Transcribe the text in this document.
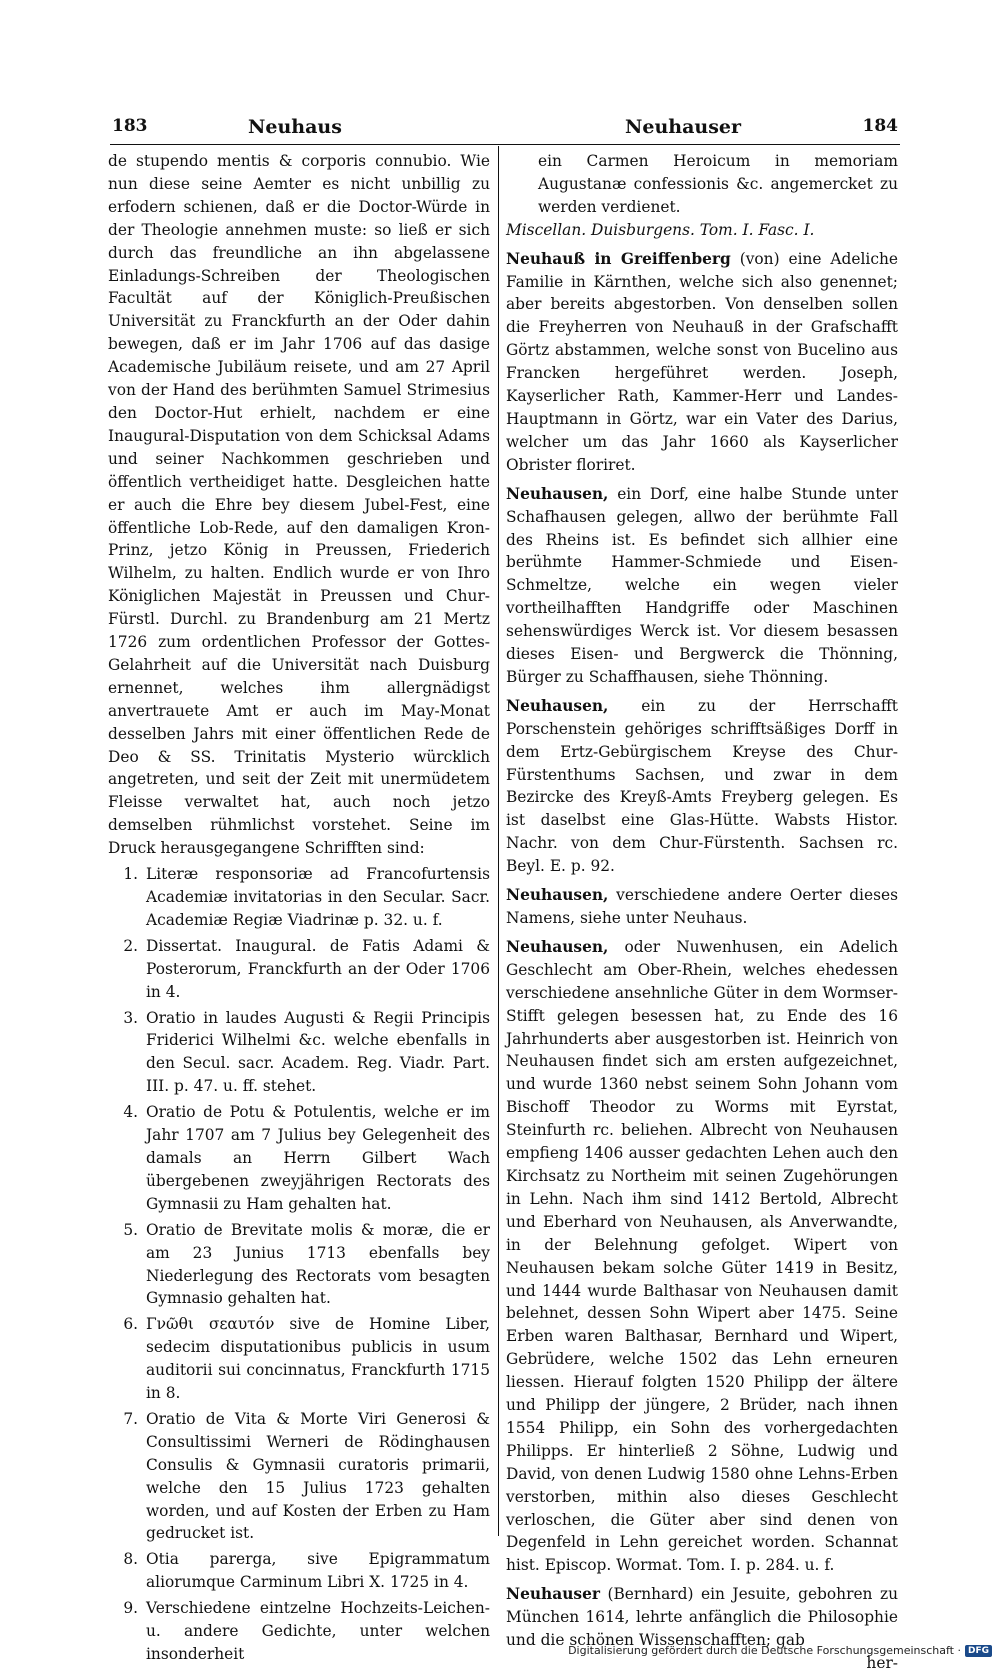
183	Neuhaus	Neuhauser	184

de stupendo mentis & corporis connubio. Wie nun diese seine Aemter es nicht unbillig zu erfodern schienen, daß er die Doctor-Würde in der Theologie annehmen muste: so ließ er sich durch das freundliche an ihn abgelassene Einladungs-Schreiben der Theologischen Facultät auf der Königlich-Preußischen Universität zu Franckfurth an der Oder dahin bewegen, daß er im Jahr 1706 auf das dasige Academische Jubiläum reisete, und am 27 April von der Hand des berühmten Samuel Strimesius den Doctor-Hut erhielt, nachdem er eine Inaugural-Disputation von dem Schicksal Adams und seiner Nachkommen geschrieben und öffentlich vertheidiget hatte. Desgleichen hatte er auch die Ehre bey diesem Jubel-Fest, eine öffentliche Lob-Rede, auf den damaligen Kron-Prinz, jetzo König in Preussen, Friederich Wilhelm, zu halten. Endlich wurde er von Ihro Königlichen Majestät in Preussen und Chur-Fürstl. Durchl. zu Brandenburg am 21 Mertz 1726 zum ordentlichen Professor der Gottes-Gelahrheit auf die Universität nach Duisburg ernennet, welches ihm allergnädigst anvertrauete Amt er auch im May-Monat desselben Jahrs mit einer öffentlichen Rede de Deo & SS. Trinitatis Mysterio würcklich angetreten, und seit der Zeit mit unermüdetem Fleisse verwaltet hat, auch noch jetzo demselben rühmlichst vorstehet. Seine im Druck herausgegangene Schrifften sind:

1. Literæ responsoriæ ad Francofurtensis Academiæ invitatorias in den Secular. Sacr. Academiæ Regiæ Viadrinæ p. 32. u. f.
2. Dissertat. Inaugural. de Fatis Adami & Posterorum, Franckfurth an der Oder 1706 in 4.
3. Oratio in laudes Augusti & Regii Principis Friderici Wilhelmi &c. welche ebenfalls in den Secul. sacr. Academ. Reg. Viadr. Part. III. p. 47. u. ff. stehet.
4. Oratio de Potu & Potulentis, welche er im Jahr 1707 am 7 Julius bey Gelegenheit des damals an Herrn Gilbert Wach übergebenen zweyjährigen Rectorats des Gymnasii zu Ham gehalten hat.
5. Oratio de Brevitate molis & moræ, die er am 23 Junius 1713 ebenfalls bey Niederlegung des Rectorats vom besagten Gymnasio gehalten hat.
6. Γνῶθι σεαυτόν sive de Homine Liber, sedecim disputationibus publicis in usum auditorii sui concinnatus, Franckfurth 1715 in 8.
7. Oratio de Vita & Morte Viri Generosi & Consultissimi Werneri de Rödinghausen Consulis & Gymnasii curatoris primarii, welche den 15 Julius 1723 gehalten worden, und auf Kosten der Erben zu Ham gedrucket ist.
8. Otia parerga, sive Epigrammatum aliorumque Carminum Libri X. 1725 in 4.
9. Verschiedene eintzelne Hochzeits-Leichen- u. andere Gedichte, unter welchen insonderheit

ein Carmen Heroicum in memoriam Augustanæ confessionis &c. angemercket zu werden verdienet.

Miscellan. Duisburgens. Tom. I. Fasc. I.

Neuhauß in Greiffenberg (von) eine Adeliche Familie in Kärnthen, welche sich also genennet; aber bereits abgestorben. Von denselben sollen die Freyherren von Neuhauß in der Grafschafft Görtz abstammen, welche sonst von Bucelino aus Francken hergeführet werden. Joseph, Kayserlicher Rath, Kammer-Herr und Landes-Hauptmann in Görtz, war ein Vater des Darius, welcher um das Jahr 1660 als Kayserlicher Obrister floriret.

Neuhausen, ein Dorf, eine halbe Stunde unter Schafhausen gelegen, allwo der berühmte Fall des Rheins ist. Es befindet sich allhier eine berühmte Hammer-Schmiede und Eisen-Schmeltze, welche ein wegen vieler vortheilhafften Handgriffe oder Maschinen sehenswürdiges Werck ist. Vor diesem besassen dieses Eisen- und Bergwerck die Thönning, Bürger zu Schaffhausen, siehe Thönning.

Neuhausen, ein zu der Herrschafft Porschenstein gehöriges schrifftsäßiges Dorff in dem Ertz-Gebürgischem Kreyse des Chur-Fürstenthums Sachsen, und zwar in dem Bezircke des Kreyß-Amts Freyberg gelegen. Es ist daselbst eine Glas-Hütte. Wabsts Histor. Nachr. von dem Chur-Fürstenth. Sachsen rc. Beyl. E. p. 92.

Neuhausen, verschiedene andere Oerter dieses Namens, siehe unter Neuhaus.

Neuhausen, oder Nuwenhusen, ein Adelich Geschlecht am Ober-Rhein, welches ehedessen verschiedene ansehnliche Güter in dem Wormser-Stifft gelegen besessen hat, zu Ende des 16 Jahrhunderts aber ausgestorben ist. Heinrich von Neuhausen findet sich am ersten aufgezeichnet, und wurde 1360 nebst seinem Sohn Johann vom Bischoff Theodor zu Worms mit Eyrstat, Steinfurth rc. beliehen. Albrecht von Neuhausen empfieng 1406 ausser gedachten Lehen auch den Kirchsatz zu Northeim mit seinen Zugehörungen in Lehn. Nach ihm sind 1412 Bertold, Albrecht und Eberhard von Neuhausen, als Anverwandte, in der Belehnung gefolget. Wipert von Neuhausen bekam solche Güter 1419 in Besitz, und 1444 wurde Balthasar von Neuhausen damit belehnet, dessen Sohn Wipert aber 1475. Seine Erben waren Balthasar, Bernhard und Wipert, Gebrüdere, welche 1502 das Lehn erneuren liessen. Hierauf folgten 1520 Philipp der ältere und Philipp der jüngere, 2 Brüder, nach ihnen 1554 Philipp, ein Sohn des vorhergedachten Philipps. Er hinterließ 2 Söhne, Ludwig und David, von denen Ludwig 1580 ohne Lehns-Erben verstorben, mithin also dieses Geschlecht verloschen, die Güter aber sind denen von Degenfeld in Lehn gereichet worden. Schannat hist. Episcop. Wormat. Tom. I. p. 284. u. f.

Neuhauser (Bernhard) ein Jesuite, gebohren zu München 1614, lehrte anfänglich die Philosophie und die schönen Wissenschafften; gab

her-

Digitalisierung gefördert durch die Deutsche Forschungsgemeinschaft · DFG
